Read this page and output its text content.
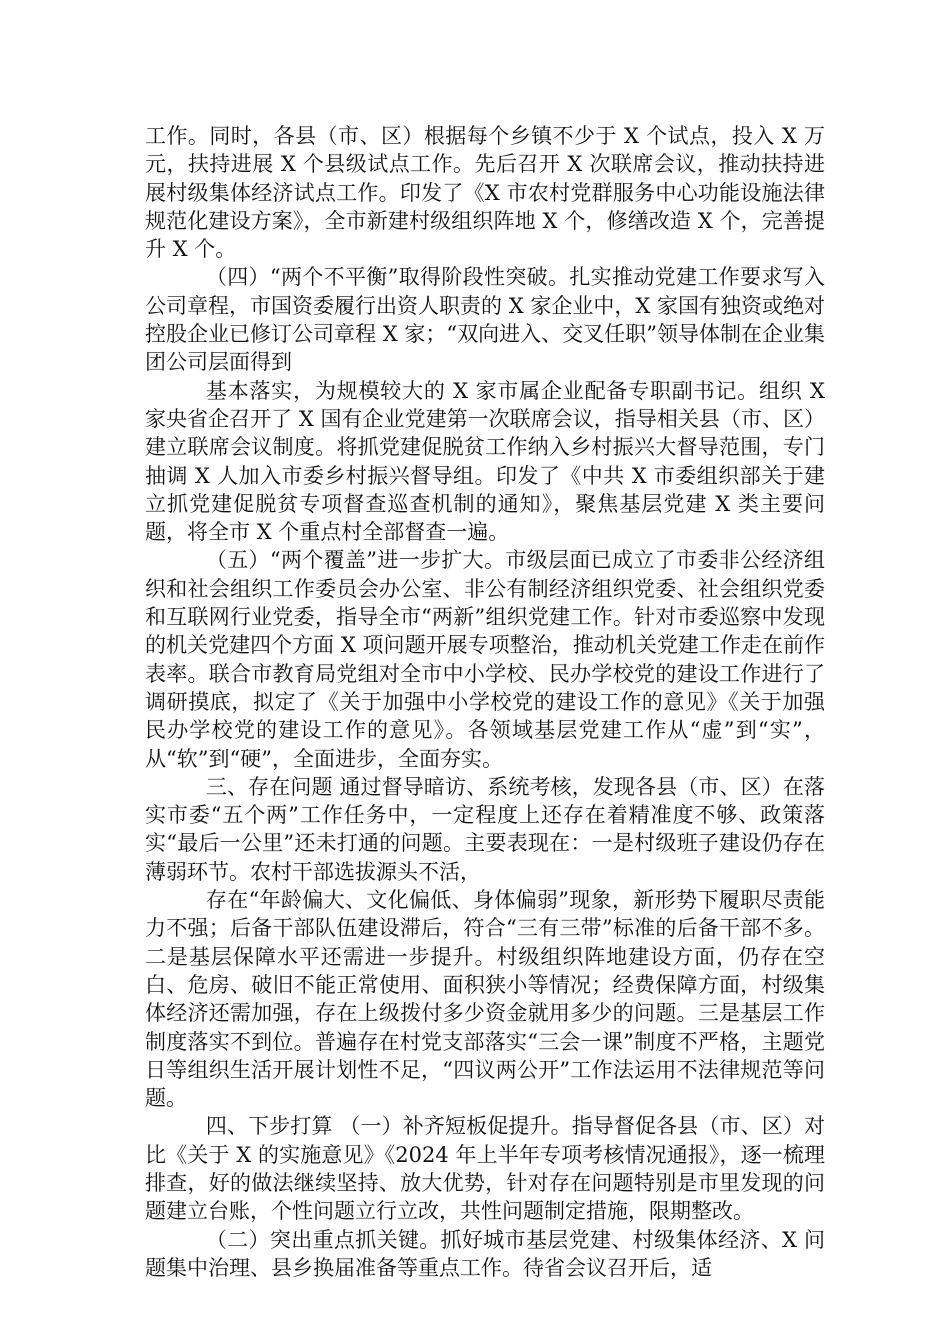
工作。同时，各县（市、区）根据每个乡镇不少于 X 个试点，投入 X 万元，扶持进展 X 个县级试点工作。先后召开 X 次联席会议，推动扶持进展村级集体经济试点工作。印发了《X 市农村党群服务中心功能设施法律规范化建设方案》，全市新建村级组织阵地 X 个，修缮改造 X 个，完善提升 X 个。

（四）“两个不平衡”取得阶段性突破。扎实推动党建工作要求写入公司章程，市国资委履行出资人职责的 X 家企业中，X 家国有独资或绝对控股企业已修订公司章程 X 家；“双向进入、交叉任职”领导体制在企业集团公司层面得到

基本落实，为规模较大的 X 家市属企业配备专职副书记。组织 X 家央省企召开了 X 国有企业党建第一次联席会议，指导相关县（市、区）建立联席会议制度。将抓党建促脱贫工作纳入乡村振兴大督导范围，专门抽调 X 人加入市委乡村振兴督导组。印发了《中共 X 市委组织部关于建立抓党建促脱贫专项督查巡查机制的通知》，聚焦基层党建 X 类主要问题，将全市 X 个重点村全部督查一遍。

（五）“两个覆盖”进一步扩大。市级层面已成立了市委非公经济组织和社会组织工作委员会办公室、非公有制经济组织党委、社会组织党委和互联网行业党委，指导全市“两新”组织党建工作。针对市委巡察中发现的机关党建四个方面 X 项问题开展专项整治，推动机关党建工作走在前作表率。联合市教育局党组对全市中小学校、民办学校党的建设工作进行了调研摸底，拟定了《关于加强中小学校党的建设工作的意见》《关于加强民办学校党的建设工作的意见》。各领域基层党建工作从“虚”到“实”，从“软”到“硬”，全面进步，全面夯实。

三、存在问题 通过督导暗访、系统考核，发现各县（市、区）在落实市委“五个两”工作任务中，一定程度上还存在着精准度不够、政策落实“最后一公里”还未打通的问题。主要表现在：一是村级班子建设仍存在薄弱环节。农村干部选拔源头不活，

存在“年龄偏大、文化偏低、身体偏弱”现象，新形势下履职尽责能力不强；后备干部队伍建设滞后，符合“三有三带”标准的后备干部不多。二是基层保障水平还需进一步提升。村级组织阵地建设方面，仍存在空白、危房、破旧不能正常使用、面积狭小等情况；经费保障方面，村级集体经济还需加强，存在上级拨付多少资金就用多少的问题。三是基层工作制度落实不到位。普遍存在村党支部落实“三会一课”制度不严格，主题党日等组织生活开展计划性不足，“四议两公开”工作法运用不法律规范等问题。

四、下步打算 （一）补齐短板促提升。指导督促各县（市、区）对比《关于 X 的实施意见》《2024 年上半年专项考核情况通报》，逐一梳理排查，好的做法继续坚持、放大优势，针对存在问题特别是市里发现的问题建立台账，个性问题立行立改，共性问题制定措施，限期整改。

（二）突出重点抓关键。抓好城市基层党建、村级集体经济、X 问题集中治理、县乡换届准备等重点工作。待省会议召开后，适
